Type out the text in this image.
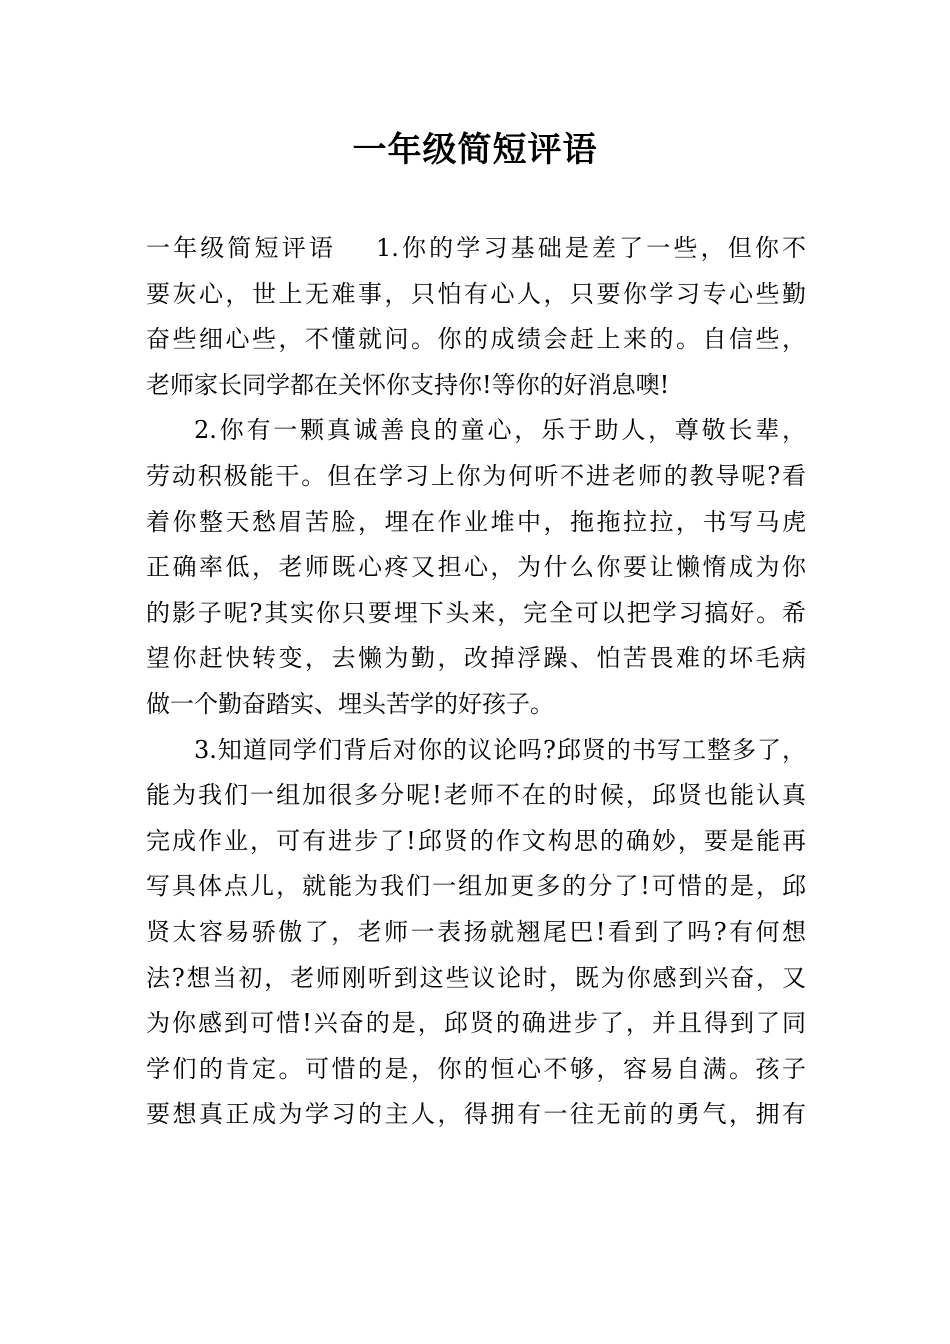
一年级简短评语
一年级简短评语 1.你的学习基础是差了一些，但你不
要灰心，世上无难事，只怕有心人，只要你学习专心些勤
奋些细心些，不懂就问。你的成绩会赶上来的。自信些，
老师家长同学都在关怀你支持你!等你的好消息噢!
2.你有一颗真诚善良的童心，乐于助人，尊敬长辈，
劳动积极能干。但在学习上你为何听不进老师的教导呢?看
着你整天愁眉苦脸，埋在作业堆中，拖拖拉拉，书写马虎
正确率低，老师既心疼又担心，为什么你要让懒惰成为你
的影子呢?其实你只要埋下头来，完全可以把学习搞好。希
望你赶快转变，去懒为勤，改掉浮躁、怕苦畏难的坏毛病
做一个勤奋踏实、埋头苦学的好孩子。
3.知道同学们背后对你的议论吗?邱贤的书写工整多了，
能为我们一组加很多分呢!老师不在的时候，邱贤也能认真
完成作业，可有进步了!邱贤的作文构思的确妙，要是能再
写具体点儿，就能为我们一组加更多的分了!可惜的是，邱
贤太容易骄傲了，老师一表扬就翘尾巴!看到了吗?有何想
法?想当初，老师刚听到这些议论时，既为你感到兴奋，又
为你感到可惜!兴奋的是，邱贤的确进步了，并且得到了同
学们的肯定。可惜的是，你的恒心不够，容易自满。孩子
要想真正成为学习的主人，得拥有一往无前的勇气，拥有
